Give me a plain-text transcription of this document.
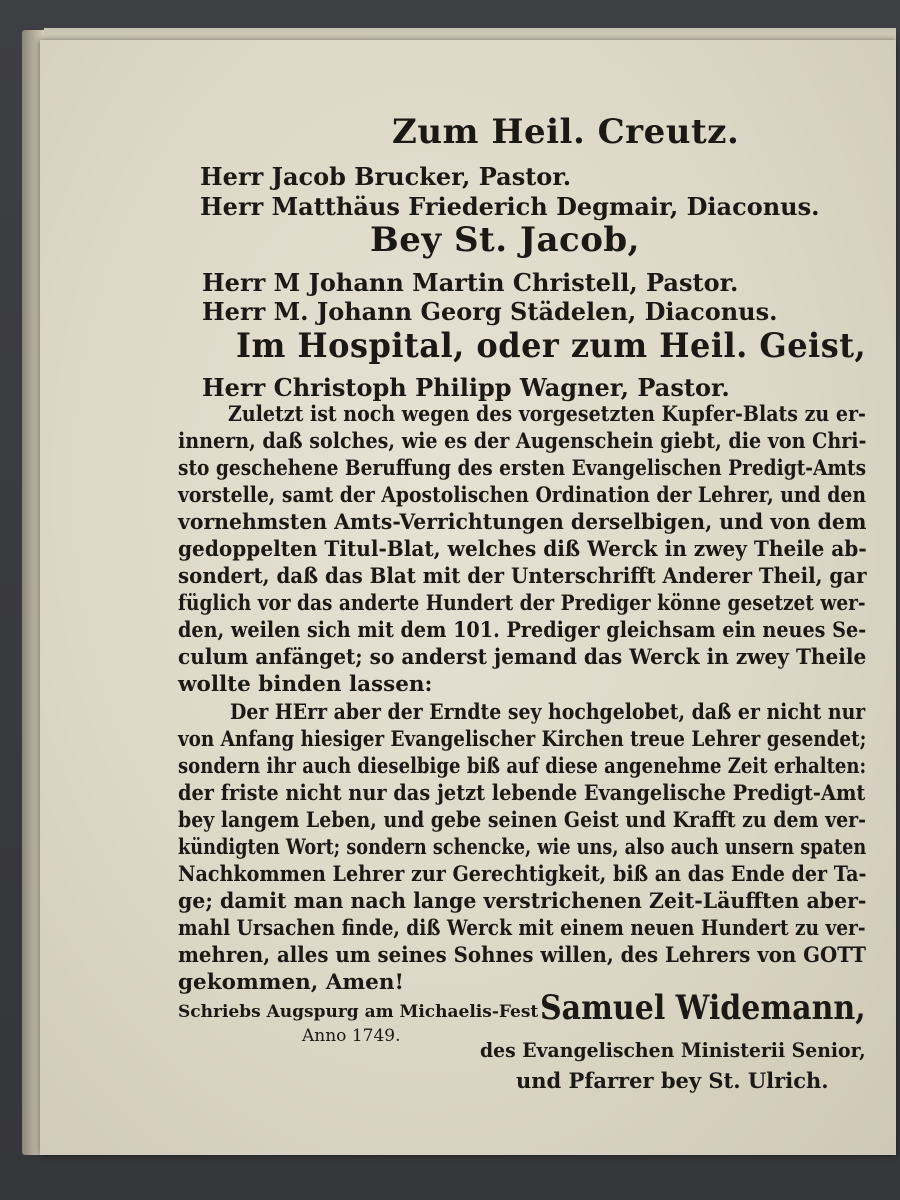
Zum Heil. Creutz.
Herr Jacob Brucker, Pastor.
Herr Matthäus Friederich Degmair, Diaconus.
Bey St. Jacob,
Herr M Johann Martin Christell, Pastor.
Herr M. Johann Georg Städelen, Diaconus.
Im Hospital, oder zum Heil. Geist,
Herr Christoph Philipp Wagner, Pastor.
Zuletzt ist noch wegen des vorgesetzten Kupfer-Blats zu er-
innern, daß solches, wie es der Augenschein giebt, die von Chri-
sto geschehene Beruffung des ersten Evangelischen Predigt-Amts
vorstelle, samt der Apostolischen Ordination der Lehrer, und den
vornehmsten Amts-Verrichtungen derselbigen, und von dem
gedoppelten Titul-Blat, welches diß Werck in zwey Theile ab-
sondert, daß das Blat mit der Unterschrifft Anderer Theil, gar
füglich vor das anderte Hundert der Prediger könne gesetzet wer-
den, weilen sich mit dem 101. Prediger gleichsam ein neues Se-
culum anfänget; so anderst jemand das Werck in zwey Theile
wollte binden lassen:
Der HErr aber der Erndte sey hochgelobet, daß er nicht nur
von Anfang hiesiger Evangelischer Kirchen treue Lehrer gesendet;
sondern ihr auch dieselbige biß auf diese angenehme Zeit erhalten:
der friste nicht nur das jetzt lebende Evangelische Predigt-Amt
bey langem Leben, und gebe seinen Geist und Krafft zu dem ver-
kündigten Wort; sondern schencke, wie uns, also auch unsern spaten
Nachkommen Lehrer zur Gerechtigkeit, biß an das Ende der Ta-
ge; damit man nach lange verstrichenen Zeit-Läufften aber-
mahl Ursachen finde, diß Werck mit einem neuen Hundert zu ver-
mehren, alles um seines Sohnes willen, des Lehrers von GOTT
gekommen, Amen!
Schriebs Augspurg am Michaelis-Fest
Anno 1749.
Samuel Widemann,
des Evangelischen Ministerii Senior,
und Pfarrer bey St. Ulrich.
